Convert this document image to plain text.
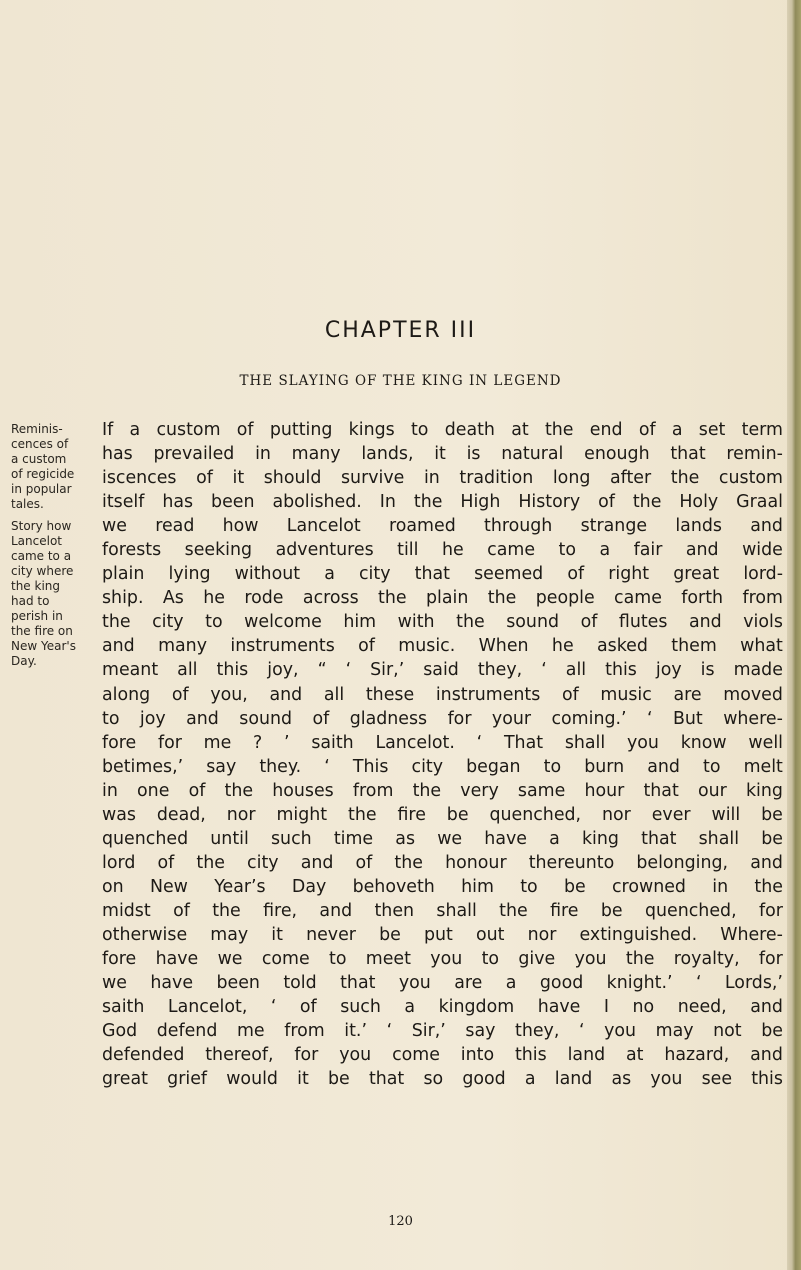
CHAPTER III
THE SLAYING OF THE KING IN LEGEND

Reminis-
cences of
a custom
of regicide
in popular
tales.

Story how
Lancelot
came to a
city where
the king
had to
perish in
the fire on
New Year's
Day.

If a custom of putting kings to death at the end of a set term
has prevailed in many lands, it is natural enough that remin-
iscences of it should survive in tradition long after the custom
itself has been abolished. In the High History of the Holy Graal
we read how Lancelot roamed through strange lands and
forests seeking adventures till he came to a fair and wide
plain lying without a city that seemed of right great lord-
ship. As he rode across the plain the people came forth from
the city to welcome him with the sound of flutes and viols
and many instruments of music. When he asked them what
meant all this joy, “ ‘ Sir,’ said they, ‘ all this joy is made
along of you, and all these instruments of music are moved
to joy and sound of gladness for your coming.’ ‘ But where-
fore for me ? ’ saith Lancelot. ‘ That shall you know well
betimes,’ say they. ‘ This city began to burn and to melt
in one of the houses from the very same hour that our king
was dead, nor might the fire be quenched, nor ever will be
quenched until such time as we have a king that shall be
lord of the city and of the honour thereunto belonging, and
on New Year’s Day behoveth him to be crowned in the
midst of the fire, and then shall the fire be quenched, for
otherwise may it never be put out nor extinguished. Where-
fore have we come to meet you to give you the royalty, for
we have been told that you are a good knight.’ ‘ Lords,’
saith Lancelot, ‘ of such a kingdom have I no need, and
God defend me from it.’ ‘ Sir,’ say they, ‘ you may not be
defended thereof, for you come into this land at hazard, and
great grief would it be that so good a land as you see this
120
